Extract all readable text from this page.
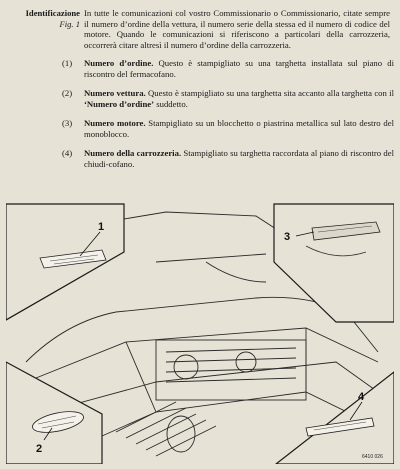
Identificazione
Fig. 1
In tutte le comunicazioni col vostro Commissionario o Commissionario, citate sempre il numero d’ordine della vettura, il numero serie della stessa ed il numero di codice del motore. Quando le comunicazioni si riferiscono a particolari della carrozzeria, occorrerà citare altresì il numero d’ordine della carrozzeria.
(1)	Numero d’ordine. Questo è stampigliato su una targhetta installata sul piano di riscontro del fermacofano.
(2)	Numero vettura. Questo è stampigliato su una targhetta sita accanto alla targhetta con il ‘Numero d’ordine’ suddetto.
(3)	Numero motore. Stampigliato su un blocchetto o piastrina metallica sul lato destro del monoblocco.
(4)	Numero della carrozzeria. Stampigliato su targhetta raccordata al piano di riscontro del chiudi-cofano.
1
3
2
4
6410 026
